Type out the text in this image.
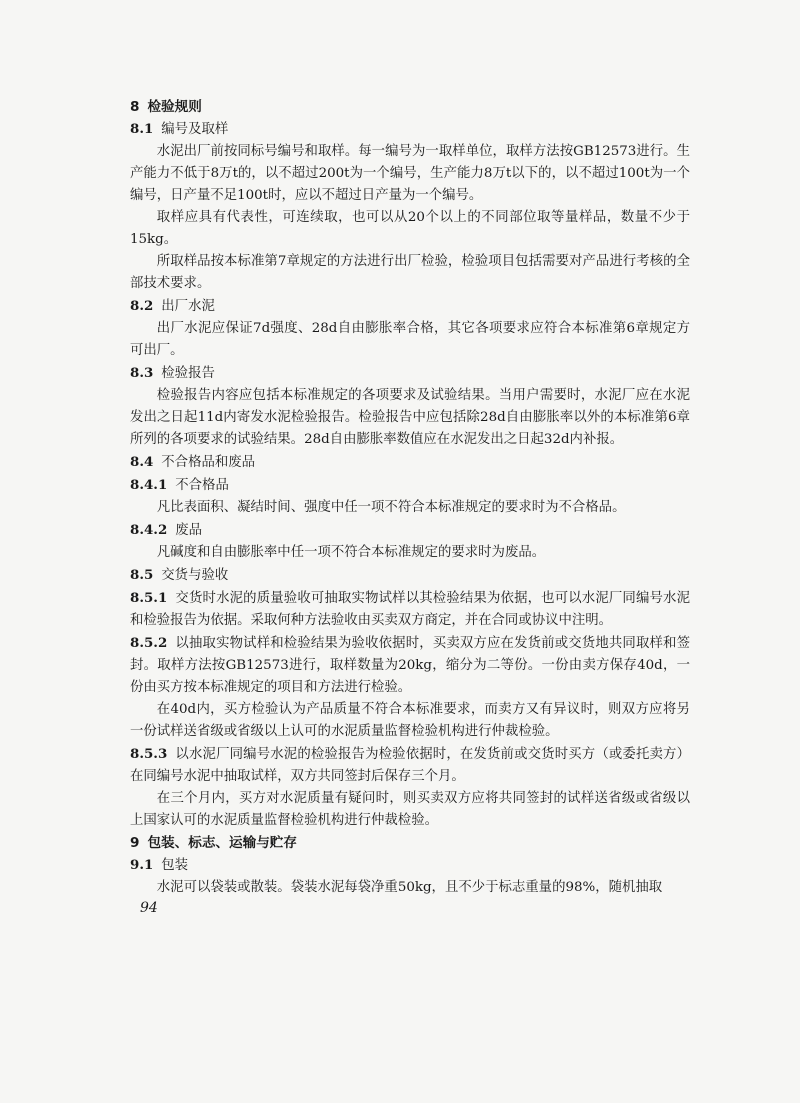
8 检验规则
8.1 编号及取样

水泥出厂前按同标号编号和取样。每一编号为一取样单位，取样方法按GB12573进行。生产能力不低于8万t的，以不超过200t为一个编号，生产能力8万t以下的，以不超过100t为一个编号，日产量不足100t时，应以不超过日产量为一个编号。

取样应具有代表性，可连续取，也可以从20个以上的不同部位取等量样品，数量不少于15kg。

所取样品按本标准第7章规定的方法进行出厂检验，检验项目包括需要对产品进行考核的全部技术要求。

8.2 出厂水泥

出厂水泥应保证7d强度、28d自由膨胀率合格，其它各项要求应符合本标准第6章规定方可出厂。

8.3 检验报告

检验报告内容应包括本标准规定的各项要求及试验结果。当用户需要时，水泥厂应在水泥发出之日起11d内寄发水泥检验报告。检验报告中应包括除28d自由膨胀率以外的本标准第6章所列的各项要求的试验结果。28d自由膨胀率数值应在水泥发出之日起32d内补报。

8.4 不合格品和废品
8.4.1 不合格品

凡比表面积、凝结时间、强度中任一项不符合本标准规定的要求时为不合格品。

8.4.2 废品

凡碱度和自由膨胀率中任一项不符合本标准规定的要求时为废品。

8.5 交货与验收

8.5.1 交货时水泥的质量验收可抽取实物试样以其检验结果为依据，也可以水泥厂同编号水泥和检验报告为依据。采取何种方法验收由买卖双方商定，并在合同或协议中注明。

8.5.2 以抽取实物试样和检验结果为验收依据时，买卖双方应在发货前或交货地共同取样和签封。取样方法按GB12573进行，取样数量为20kg，缩分为二等份。一份由卖方保存40d，一份由买方按本标准规定的项目和方法进行检验。

在40d内，买方检验认为产品质量不符合本标准要求，而卖方又有异议时，则双方应将另一份试样送省级或省级以上认可的水泥质量监督检验机构进行仲裁检验。

8.5.3 以水泥厂同编号水泥的检验报告为检验依据时，在发货前或交货时买方（或委托卖方）在同编号水泥中抽取试样，双方共同签封后保存三个月。

在三个月内，买方对水泥质量有疑问时，则买卖双方应将共同签封的试样送省级或省级以上国家认可的水泥质量监督检验机构进行仲裁检验。

9 包装、标志、运输与贮存
9.1 包装

水泥可以袋装或散装。袋装水泥每袋净重50kg，且不少于标志重量的98%，随机抽取

94
